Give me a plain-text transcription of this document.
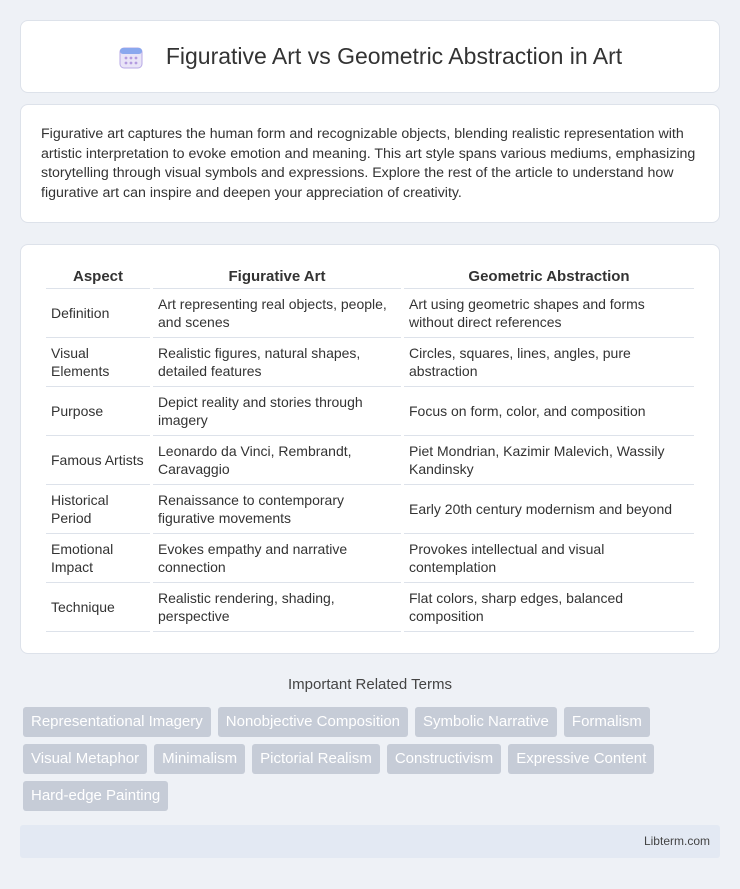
Figurative Art vs Geometric Abstraction in Art

Figurative art captures the human form and recognizable objects, blending realistic representation with artistic interpretation to evoke emotion and meaning. This art style spans various mediums, emphasizing storytelling through visual symbols and expressions. Explore the rest of the article to understand how figurative art can inspire and deepen your appreciation of creativity.

Aspect	Figurative Art	Geometric Abstraction
Definition	Art representing real objects, people, and scenes	Art using geometric shapes and forms without direct references
Visual Elements	Realistic figures, natural shapes, detailed features	Circles, squares, lines, angles, pure abstraction
Purpose	Depict reality and stories through imagery	Focus on form, color, and composition
Famous Artists	Leonardo da Vinci, Rembrandt, Caravaggio	Piet Mondrian, Kazimir Malevich, Wassily Kandinsky
Historical Period	Renaissance to contemporary figurative movements	Early 20th century modernism and beyond
Emotional Impact	Evokes empathy and narrative connection	Provokes intellectual and visual contemplation
Technique	Realistic rendering, shading, perspective	Flat colors, sharp edges, balanced composition
Important Related Terms
Representational Imagery	Nonobjective Composition	Symbolic Narrative	Formalism
Visual Metaphor	Minimalism	Pictorial Realism	Constructivism	Expressive Content
Hard-edge Painting
Libterm.com
